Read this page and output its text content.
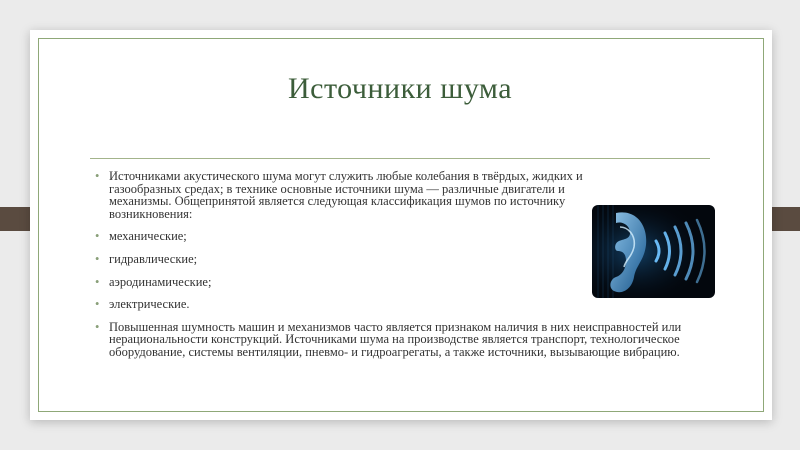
Источники шума
• Источниками акустического шума могут служить любые колебания в твёрдых, жидких и газообразных средах; в технике основные источники шума — различные двигатели и механизмы. Общепринятой является следующая классификация шумов по источнику возникновения:
• механические;
• гидравлические;
• аэродинамические;
• электрические.
• Повышенная шумность машин и механизмов часто является признаком наличия в них неисправностей или нерациональности конструкций. Источниками шума на производстве является транспорт, технологическое оборудование, системы вентиляции, пневмо- и гидроагрегаты, а также источники, вызывающие вибрацию.
